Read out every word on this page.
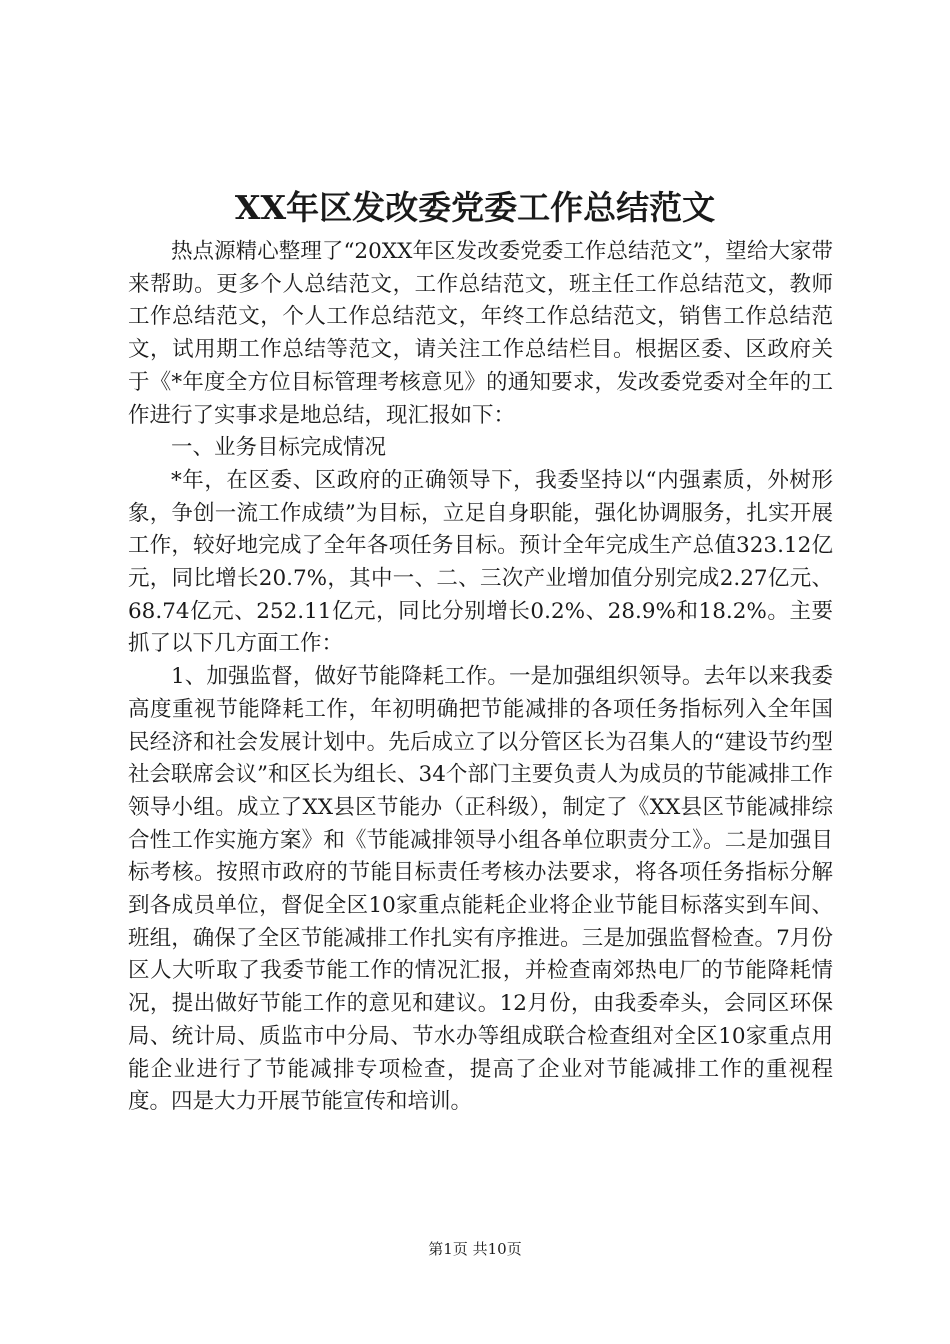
XX年区发改委党委工作总结范文

热点源精心整理了“20XX年区发改委党委工作总结范文”，望给大家带来帮助。更多个人总结范文，工作总结范文，班主任工作总结范文，教师工作总结范文，个人工作总结范文，年终工作总结范文，销售工作总结范文，试用期工作总结等范文，请关注工作总结栏目。根据区委、区政府关于《*年度全方位目标管理考核意见》的通知要求，发改委党委对全年的工作进行了实事求是地总结，现汇报如下：

一、业务目标完成情况

*年，在区委、区政府的正确领导下，我委坚持以“内强素质，外树形象，争创一流工作成绩”为目标，立足自身职能，强化协调服务，扎实开展工作，较好地完成了全年各项任务目标。预计全年完成生产总值323.12亿元，同比增长20.7%，其中一、二、三次产业增加值分别完成2.27亿元、68.74亿元、252.11亿元，同比分别增长0.2%、28.9%和18.2%。主要抓了以下几方面工作：

1、加强监督，做好节能降耗工作。一是加强组织领导。去年以来我委高度重视节能降耗工作，年初明确把节能减排的各项任务指标列入全年国民经济和社会发展计划中。先后成立了以分管区长为召集人的“建设节约型社会联席会议”和区长为组长、34个部门主要负责人为成员的节能减排工作领导小组。成立了XX县区节能办（正科级），制定了《XX县区节能减排综合性工作实施方案》和《节能减排领导小组各单位职责分工》。二是加强目标考核。按照市政府的节能目标责任考核办法要求，将各项任务指标分解到各成员单位，督促全区10家重点能耗企业将企业节能目标落实到车间、班组，确保了全区节能减排工作扎实有序推进。三是加强监督检查。7月份区人大听取了我委节能工作的情况汇报，并检查南郊热电厂的节能降耗情况，提出做好节能工作的意见和建议。12月份，由我委牵头，会同区环保局、统计局、质监市中分局、节水办等组成联合检查组对全区10家重点用能企业进行了节能减排专项检查，提高了企业对节能减排工作的重视程度。四是大力开展节能宣传和培训。

第1页 共10页
